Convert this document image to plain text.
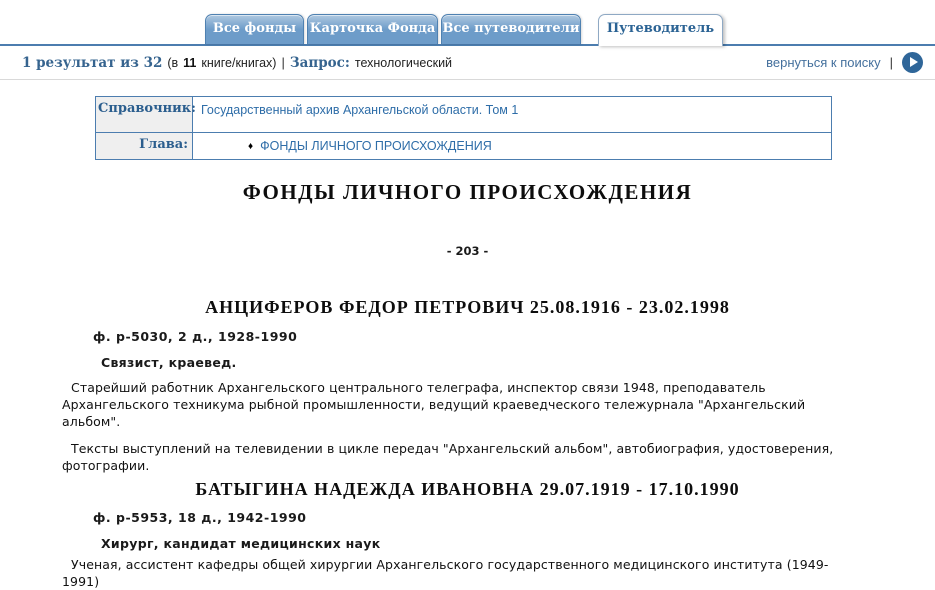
Все фонды	Карточка Фонда Все путеводители	Путеводитель
1 результат из 32 (в 11 книге/книгах) | Запрос: технологический	вернуться к поиску |
Справочник:	Государственный архив Архангельской области. Том 1
Глава:	♦ ФОНДЫ ЛИЧНОГО ПРОИСХОЖДЕНИЯ
ФОНДЫ ЛИЧНОГО ПРОИСХОЖДЕНИЯ
- 203 -
АНЦИФЕРОВ ФЕДОР ПЕТРОВИЧ 25.08.1916 - 23.02.1998
ф. р-5030, 2 д., 1928-1990
Связист, краевед.

Старейший работник Архангельского центрального телеграфа, инспектор связи 1948, преподаватель Архангельского техникума рыбной промышленности, ведущий краеведческого тележурнала "Архангельский альбом".

Тексты выступлений на телевидении в цикле передач "Архангельский альбом", автобиография, удостоверения, фотографии.

БАТЫГИНА НАДЕЖДА ИВАНОВНА 29.07.1919 - 17.10.1990
ф. р-5953, 18 д., 1942-1990
Хирург, кандидат медицинских наук

Ученая, ассистент кафедры общей хирургии Архангельского государственного медицинского института (1949-1991)
